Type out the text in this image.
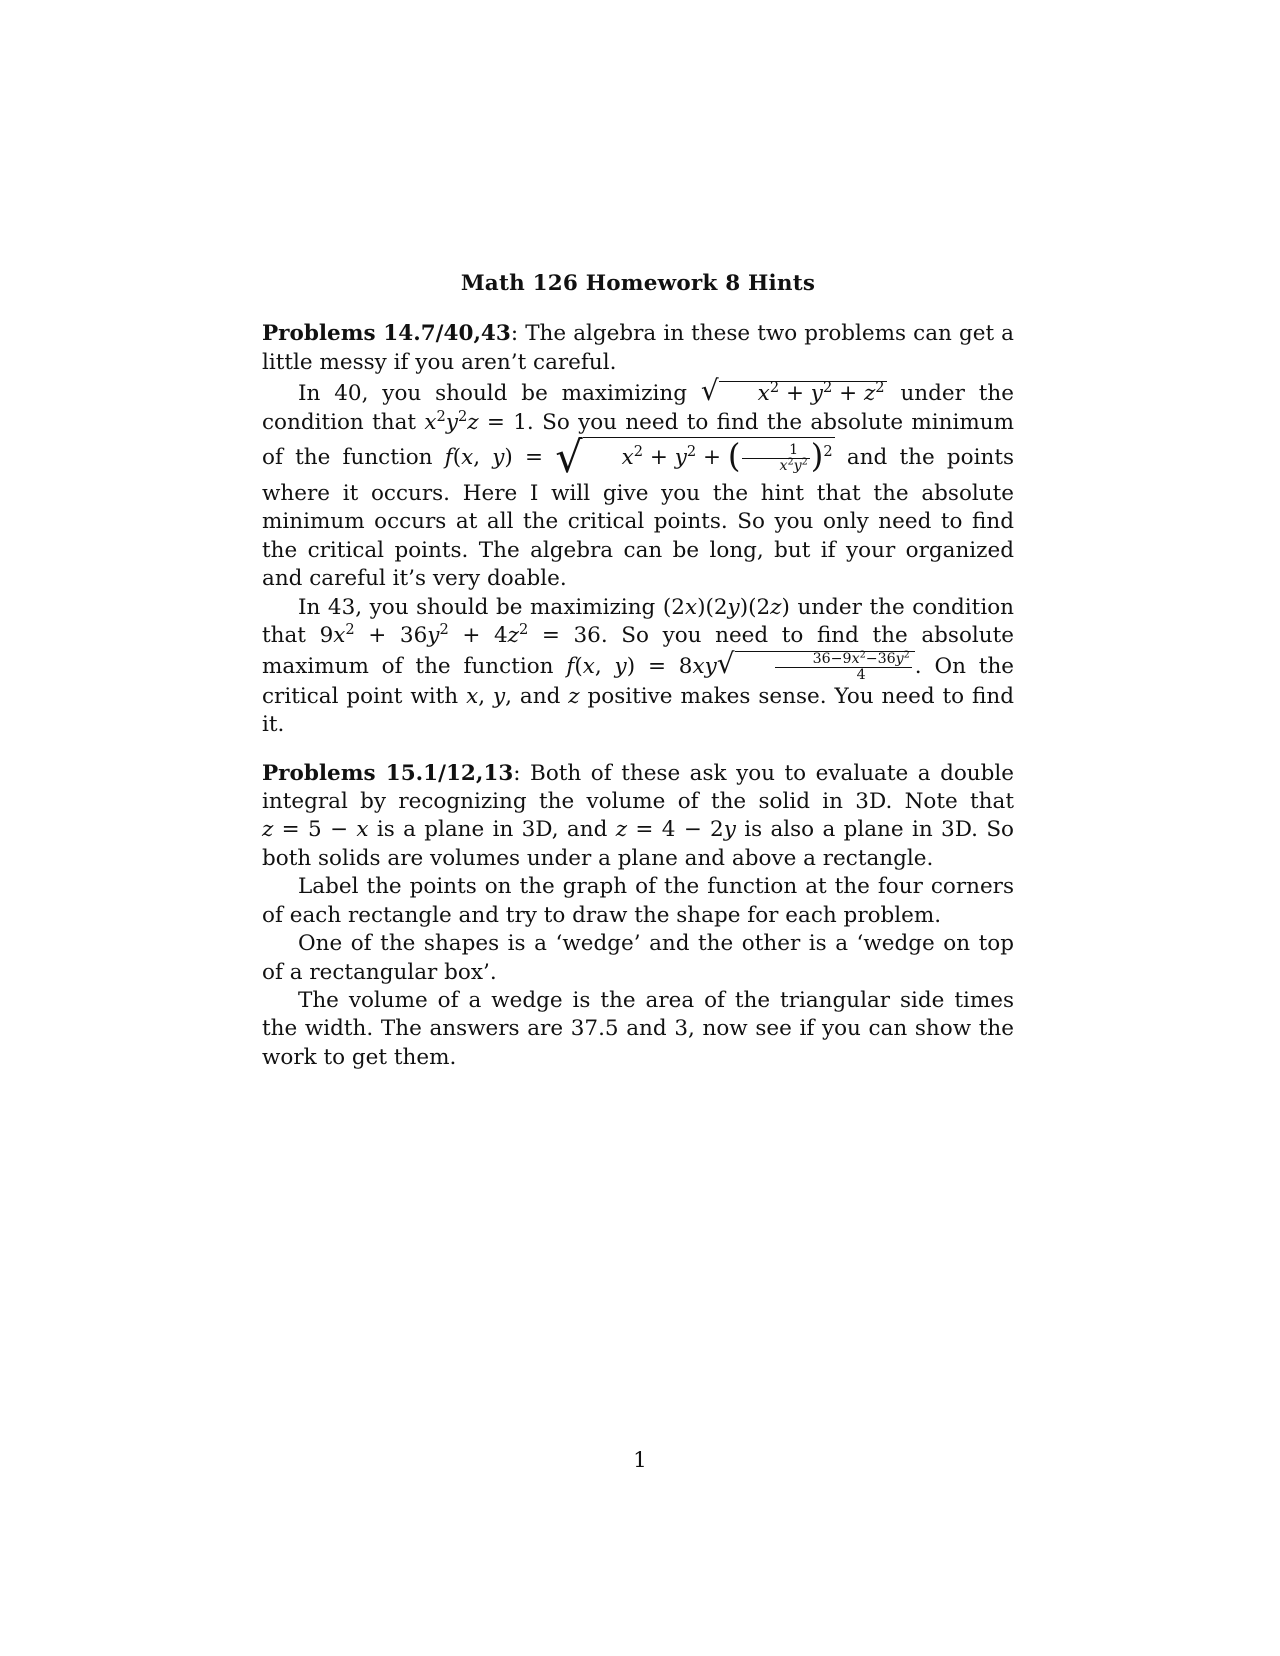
Math 126 Homework 8 Hints

Problems 14.7/40,43: The algebra in these two problems can get a little messy if you aren’t careful.

In 40, you should be maximizing √ $x^2 + y^2 + z^2$ under the condition that $x^2y^2z = 1$. So you need to find the absolute minimum of the function f(x, y) = √ $x^2 + y^2$ + ( $\frac{1}{x^2y^2} )^2$ and the points where it occurs. Here I will give you the hint that the absolute minimum occurs at all the critical points. So you only need to find the critical points. The algebra can be long, but if your organized and careful it’s very doable.

In 43, you should be maximizing (2x)(2y)(2z) under the condition that $9x^2 + 36y^2 + 4z^2 = 36$. So you need to find the absolute maximum of the function f(x, y) = 8xy√	$\frac{36-9x^2-36y^2}{4}$ . On the critical point with x, y, and z positive makes sense. You need to find it.

Problems 15.1/12,13: Both of these ask you to evaluate a double integral by recognizing the volume of the solid in 3D. Note that z = 5 − x is a plane in 3D, and z = 4 − 2y is also a plane in 3D. So both solids are volumes under a plane and above a rectangle.

Label the points on the graph of the function at the four corners of each rectangle and try to draw the shape for each problem.

One of the shapes is a ‘wedge’ and the other is a ‘wedge on top of a rectangular box’.

The volume of a wedge is the area of the triangular side times the width. The answers are 37.5 and 3, now see if you can show the work to get them.

1
